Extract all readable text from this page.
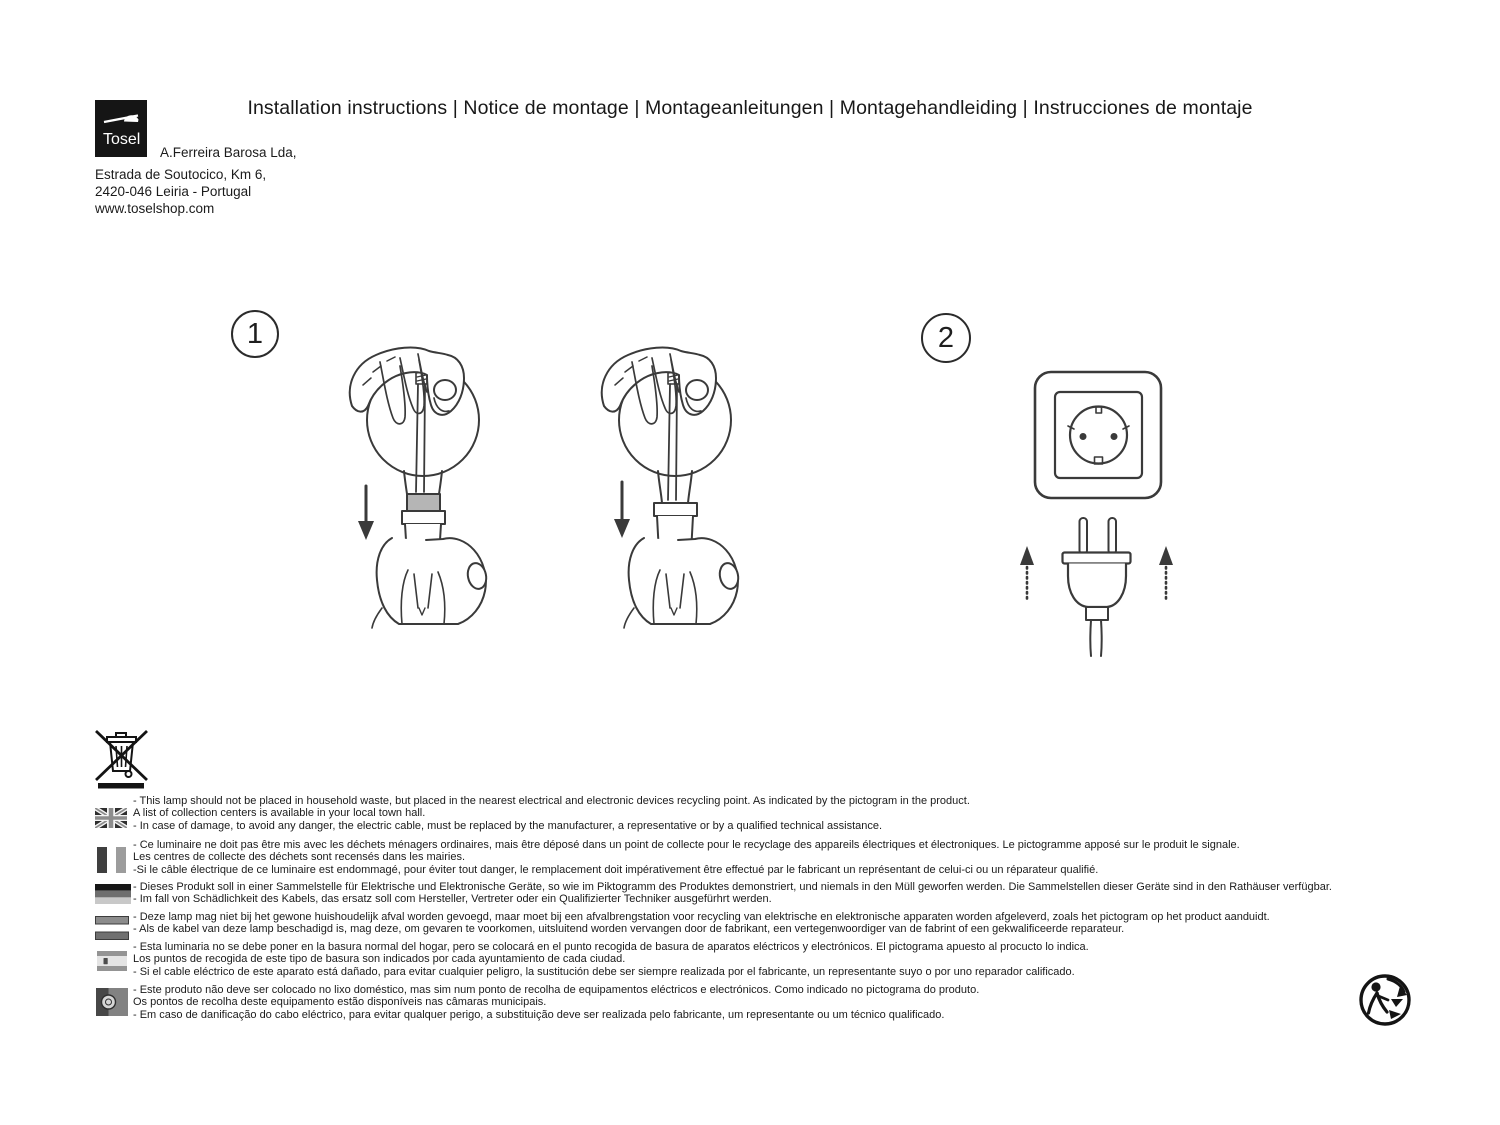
Installation instructions | Notice de montage | Montageanleitungen | Montagehandleiding | Instrucciones de montaje
Tosel
A.Ferreira Barosa Lda,
Estrada de Soutocico, Km 6,
2420-046 Leiria - Portugal
www.toselshop.com
1	2
- This lamp should not be placed in household waste, but placed in the nearest electrical and electronic devices recycling point. As indicated by the pictogram in the product.
A list of collection centers is available in your local town hall.
- In case of damage, to avoid any danger, the electric cable, must be replaced by the manufacturer, a representative or by a qualified technical assistance.
- Ce luminaire ne doit pas être mis avec les déchets ménagers ordinaires, mais être déposé dans un point de collecte pour le recyclage des appareils électriques et électroniques. Le pictogramme apposé sur le produit le signale.
Les centres de collecte des déchets sont recensés dans les mairies.
-Si le câble électrique de ce luminaire est endommagé, pour éviter tout danger, le remplacement doit impérativement être effectué par le fabricant un représentant de celui-ci ou un réparateur qualifié.
- Dieses Produkt soll in einer Sammelstelle für Elektrische und Elektronische Geräte, so wie im Piktogramm des Produktes demonstriert, und niemals in den Müll geworfen werden. Die Sammelstellen dieser Geräte sind in den Rathäuser verfügbar.
- Im fall von Schädlichkeit des Kabels, das ersatz soll com Hersteller, Vertreter oder ein Qualifizierter Techniker ausgefürhrt werden.
- Deze lamp mag niet bij het gewone huishoudelijk afval worden gevoegd, maar moet bij een afvalbrengstation voor recycling van elektrische en elektronische apparaten worden afgeleverd, zoals het pictogram op het product aanduidt.
- Als de kabel van deze lamp beschadigd is, mag deze, om gevaren te voorkomen, uitsluitend worden vervangen door de fabrikant, een vertegenwoordiger van de fabrint of een gekwalificeerde reparateur.
- Esta luminaria no se debe poner en la basura normal del hogar, pero se colocará en el punto recogida de basura de aparatos eléctricos y electrónicos. El pictograma apuesto al procucto lo indica.
Los puntos de recogida de este tipo de basura son indicados por cada ayuntamiento de cada ciudad.
- Si el cable eléctrico de este aparato está dañado, para evitar cualquier peligro, la sustitución debe ser siempre realizada por el fabricante, un representante suyo o por uno reparador calificado.
- Este produto não deve ser colocado no lixo doméstico, mas sim num ponto de recolha de equipamentos eléctricos e electrónicos. Como indicado no pictograma do produto.
Os pontos de recolha deste equipamento estão disponíveis nas câmaras municipais.
- Em caso de danificação do cabo eléctrico, para evitar qualquer perigo, a substituição deve ser realizada pelo fabricante, um representante ou um técnico qualificado.
